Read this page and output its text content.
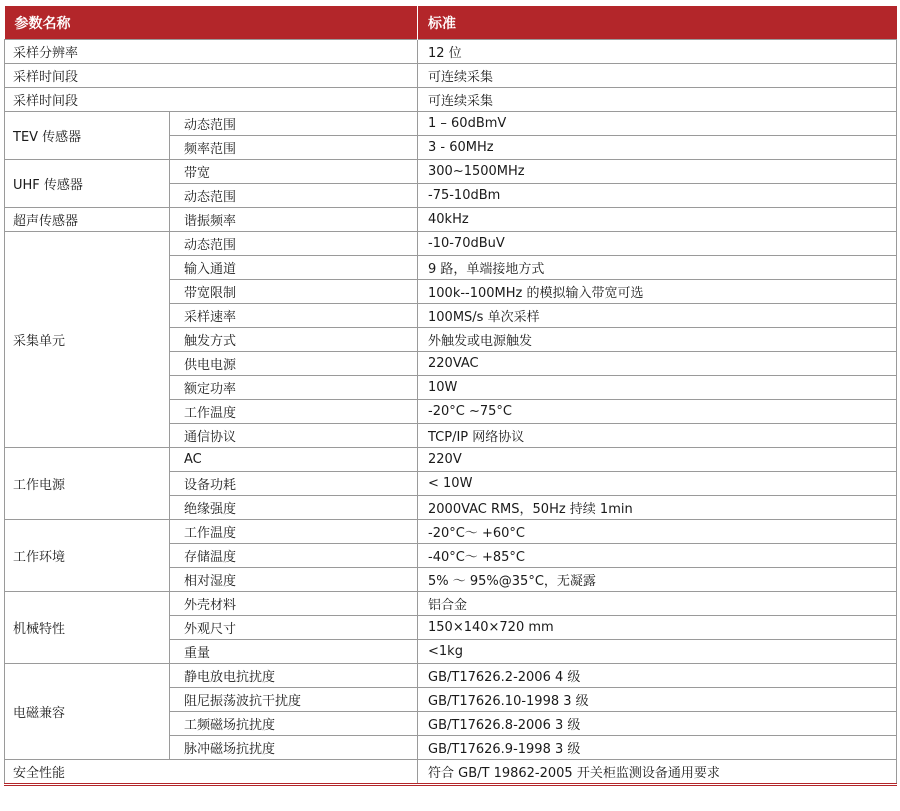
参数名称		标准
采样分辨率		12 位
采样时间段		可连续采集
采样时间段		可连续采集
TEV 传感器	动态范围	1 – 60dBmV
	频率范围	3 - 60MHz
UHF 传感器	带宽	300~1500MHz
	动态范围	-75-10dBm
超声传感器	谐振频率	40kHz
采集单元	动态范围	-10-70dBuV
	输入通道	9 路，单端接地方式
	带宽限制	100k--100MHz 的模拟输入带宽可选
	采样速率	100MS/s 单次采样
	触发方式	外触发或电源触发
	供电电源	220VAC
	额定功率	10W
	工作温度	-20°C ~75°C
	通信协议	TCP/IP 网络协议
工作电源	AC	220V
	设备功耗	< 10W
	绝缘强度	2000VAC RMS，50Hz 持续 1min
工作环境	工作温度	-20°C～ +60°C
	存储温度	-40°C～ +85°C
	相对湿度	5% ～ 95%@35°C，无凝露
机械特性	外壳材料	铝合金
	外观尺寸	150×140×720 mm
	重量	<1kg
电磁兼容	静电放电抗扰度	GB/T17626.2-2006 4 级
	阻尼振荡波抗干扰度	GB/T17626.10-1998 3 级
	工频磁场抗扰度	GB/T17626.8-2006 3 级
	脉冲磁场抗扰度	GB/T17626.9-1998 3 级
安全性能		符合 GB/T 19862-2005 开关柜监测设备通用要求
